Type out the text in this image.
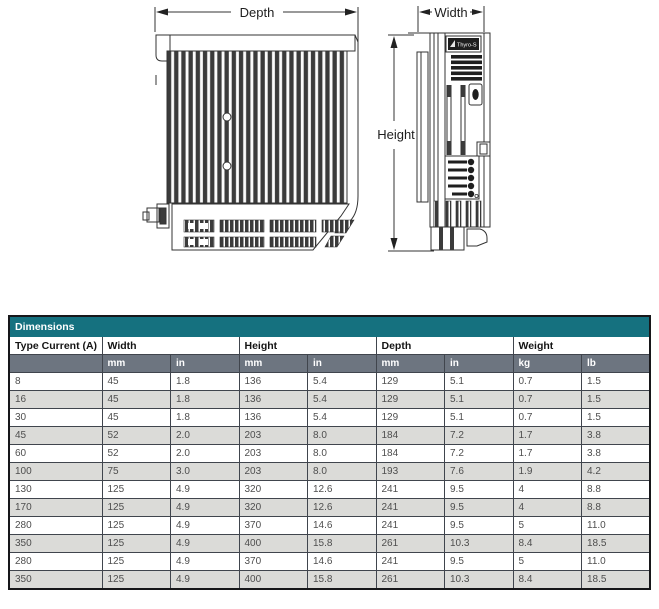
Depth	Width
Height
Thyro-S
Dimensions								
Type Current (A)	Width		Height		Depth		Weight	
	mm	in	mm	in	mm	in	kg	lb
8	45	1.8	136	5.4	129	5.1	0.7	1.5
16	45	1.8	136	5.4	129	5.1	0.7	1.5
30	45	1.8	136	5.4	129	5.1	0.7	1.5
45	52	2.0	203	8.0	184	7.2	1.7	3.8
60	52	2.0	203	8.0	184	7.2	1.7	3.8
100	75	3.0	203	8.0	193	7.6	1.9	4.2
130	125	4.9	320	12.6	241	9.5	4	8.8
170	125	4.9	320	12.6	241	9.5	4	8.8
280	125	4.9	370	14.6	241	9.5	5	11.0
350	125	4.9	400	15.8	261	10.3	8.4	18.5
280	125	4.9	370	14.6	241	9.5	5	11.0
350	125	4.9	400	15.8	261	10.3	8.4	18.5
